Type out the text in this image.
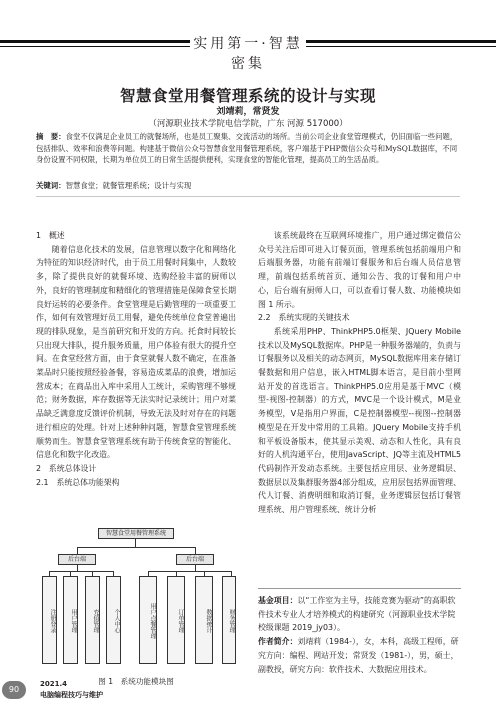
实用第一·智慧密集
智慧食堂用餐管理系统的设计与实现
刘靖莉，常贤发
（河源职业技术学院电信学院，广东 河源 517000）
摘　要：食堂不仅满足企业员工的就餐场所，也是员工聚集、交流活动的场所。当前公司企业食堂管理模式，仍旧面临一些问题，包括排队、效率和浪费等问题。构建基于微信公众号智慧食堂用餐管理系统，客户端基于PHP微信公众号和MySQL数据库，不同身份设置不同权限，长期为单位员工的日常生活提供便利，实现食堂的智能化管理，提高员工的生活品质。
关键词：智慧食堂；就餐管理系统；设计与实现

1　概述

随着信息化技术的发展，信息管理以数字化和网络化为特征的知识经济时代，由于员工用餐时间集中，人数较多，除了提供良好的就餐环境、选购经验丰富的厨师以外，良好的管理制度和精细化的管理措施是保障食堂长期良好运转的必要条件。食堂管理是后勤管理的一项重要工作，如何有效管理好员工用餐，避免传统单位食堂普遍出现的排队现象，是当前研究和开发的方向。托食时间较长只出现大排队，提升服务质量，用户体验有很大的提升空间。在食堂经营方面，由于食堂就餐人数不确定，在准备菜品时只能按照经验备餐，容易造成菜品的浪费，增加运营成本；在商品出入库中采用人工统计，采购管理不够规范；财务数据，库存数据等无法实时记录统计；用户对菜品缺乏满意度反馈评价机制，导致无法及时对存在的问题进行相应的处理。针对上述种种问题，智慧食堂管理系统顺势而生。智慧食堂管理系统有助于传统食堂的智能化、信息化和数字化改造。

2　系统总体设计

2.1　系统总体功能架构

智慧食堂用餐管理系统
后台端	后台端
注册登录	用户管理	充值管理	个人中心	用户点餐管理	订单管理	数据统计	财务管理
图 1　系统功能模块图

该系统最终在互联网环境推广，用户通过绑定微信公众号关注后即可进入订餐页面，管理系统包括前端用户和后端服务器，功能有前端订餐服务和后台端人员信息管理，前端包括系统首页、通知公告、我的订餐和用户中心，后台端有厨师人口，可以查看订餐人数、功能模块如图 1 所示。

2.2　系统实现的关键技术

系统采用PHP、ThinkPHP5.0框架、JQuery Mobile技术以及MySQL数据库。PHP是一种服务器端的，负责与订餐服务以及相关的动态网页，MySQL数据库用来存储订餐数据和用户信息，嵌入HTML脚本语言，是目前小型网站开发的首选语言。ThinkPHP5.0应用是基于MVC（模型-视图-控制器）的方式，MVC是一个设计模式，M是业务模型，V是指用户界面，C是控制器模型--视图--控制器模型是在开发中常用的工具箱。JQuery Mobile支持手机和平板设备版本，使其显示美观、动态和人性化，具有良好的人机沟通平台，使用JavaScript、JQ等主流及HTML5代码制作开发动态系统。主要包括应用层、业务逻辑层、数据层以及集群服务器4部分组成，应用层包括界面管理、代人订餐、消费明细和取消订餐，业务逻辑层包括订餐管理系统、用户管理系统、统计分析

基金项目：以“工作室为主导，技能竞赛为驱动”的高职软件技术专业人才培养模式的构建研究（河源职业技术学院校级课题 2019_jy03）。

作者简介：刘靖莉（1984-），女，本科，高级工程师，研究方向：编程、网站开发；常贤发（1981-），男，硕士，副教授，研究方向：软件技术、大数据应用技术。

90
2021.4
电脑编程技巧与维护
